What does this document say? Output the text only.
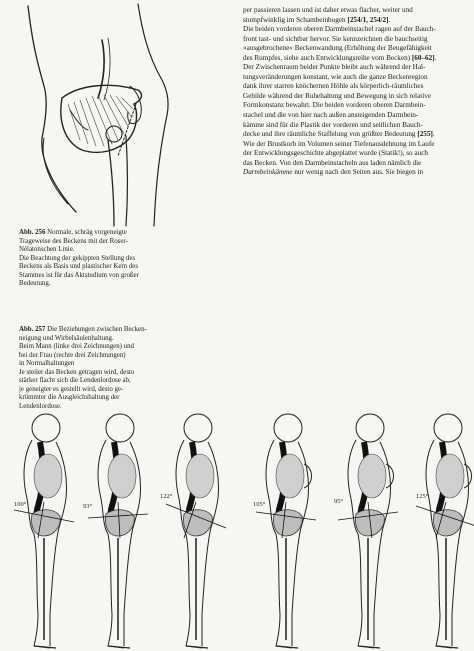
per passieren lassen und ist daher etwas flacher, weiter und
stumpfwinklig im Schambeinbogen [254/1, 254/2].

Die beiden vorderen oberen Darmbeinstachel ragen auf der Bauch-
front tast- und sichtbar hervor. Sie kennzeichnen die bauchseitig
»ausgebrochene« Beckenwandung (Erhöhung der Beugefähigkeit
des Rumpfes, siehe auch Entwicklungsreihe vom Becken) [60–62].

Der Zwischenraum beider Punkte bleibt auch während der Hal-
tungsveränderungen konstant, wie auch die ganze Beckenregion
dank ihrer starren knöchernen Höhle als körperlich-räumliches
Gebilde während der Ruhehaltung und Bewegung in sich relative
Formkonstanz bewahrt. Die beiden vorderen oberen Darmbein-
stachel und die von hier nach außen ansteigenden Darmbein-
kämme sind für die Plastik der vorderen und seitlichen Bauch-
decke und ihre räumliche Staffelung von größter Bedeutung [255].
Wie der Brustkorb im Volumen seiner Tiefenausdehnung im Laufe
der Entwicklungsgeschichte abgeplattet wurde (Statik!), so auch
das Becken. Von den Darmbeinstacheln aus laden nämlich die
Darmbeinkämme nur wenig nach den Seiten aus. Sie biegen in

Abb. 256 Normale, schräg vorgeneigte
Trageweise des Beckens mit der Roser-
Nélatonschen Linie.
Die Beachtung der gekippten Stellung des
Beckens als Basis und plastischer Kern des
Stammes ist für das Aktstudium von großer
Bedeutung.
Abb. 257 Die Beziehungen zwischen Becken-
neigung und Wirbelsäulenhaltung.
Beim Mann (linke drei Zeichnungen) und
bei der Frau (rechte drei Zeichnungen)
in Normalhaltungen
Je steiler das Becken getragen wird, desto
stärker flacht sich die Lendenlordose ab,
je geneigter es gestellt wird, desto ge-
krümmter die Ausgleichshaltung der
Lendenlordose.
100°	93°
122°
105°	95°
125°
